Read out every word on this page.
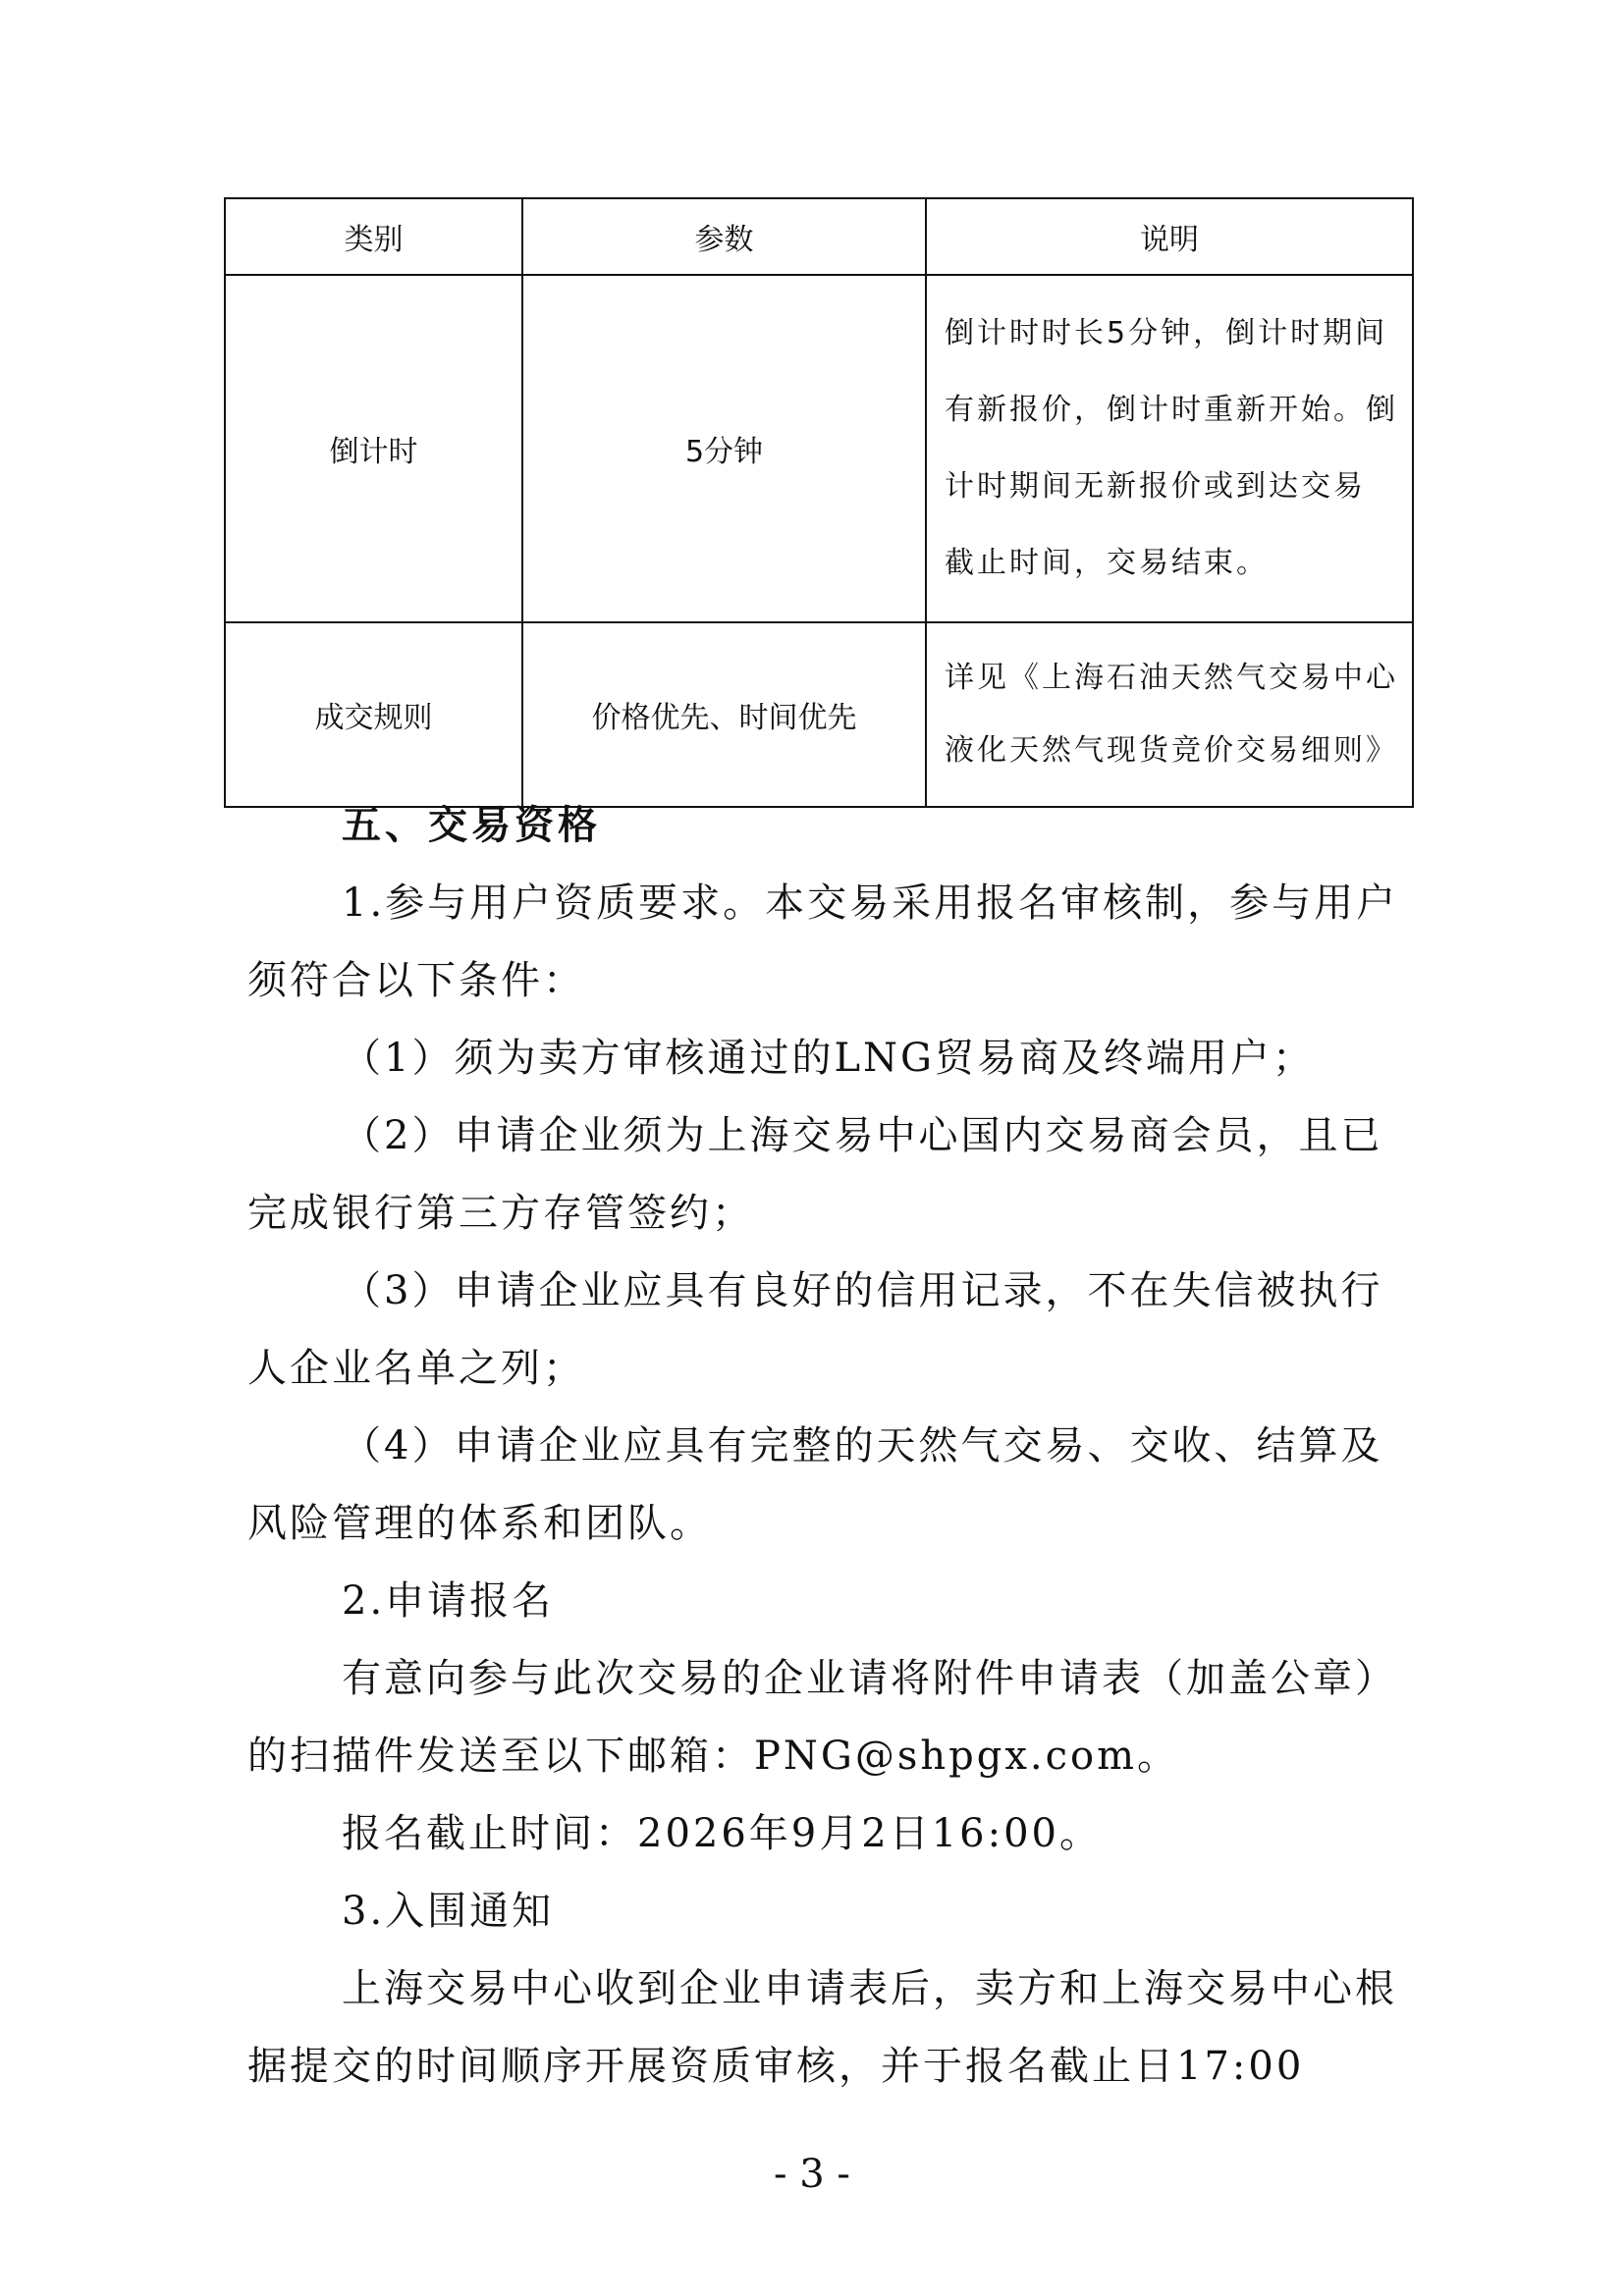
类别	参数	说明
倒计时	5分钟	倒计时时长5分钟，倒计时期间
有新报价，倒计时重新开始。倒
计时期间无新报价或到达交易
截止时间，交易结束。

成交规则	价格优先、时间优先	详见《上海石油天然气交易中心
液化天然气现货竞价交易细则》

五、交易资格

1.参与用户资质要求。本交易采用报名审核制，参与用户须符合以下条件：

（1）须为卖方审核通过的LNG贸易商及终端用户；

（2）申请企业须为上海交易中心国内交易商会员，且已完成银行第三方存管签约；

（3）申请企业应具有良好的信用记录，不在失信被执行人企业名单之列；

（4）申请企业应具有完整的天然气交易、交收、结算及风险管理的体系和团队。

2.申请报名

有意向参与此次交易的企业请将附件申请表（加盖公章）的扫描件发送至以下邮箱：PNG@shpgx.com。

报名截止时间：2026年9月2日16:00。

3.入围通知

上海交易中心收到企业申请表后，卖方和上海交易中心根据提交的时间顺序开展资质审核，并于报名截止日17:00

- 3 -
